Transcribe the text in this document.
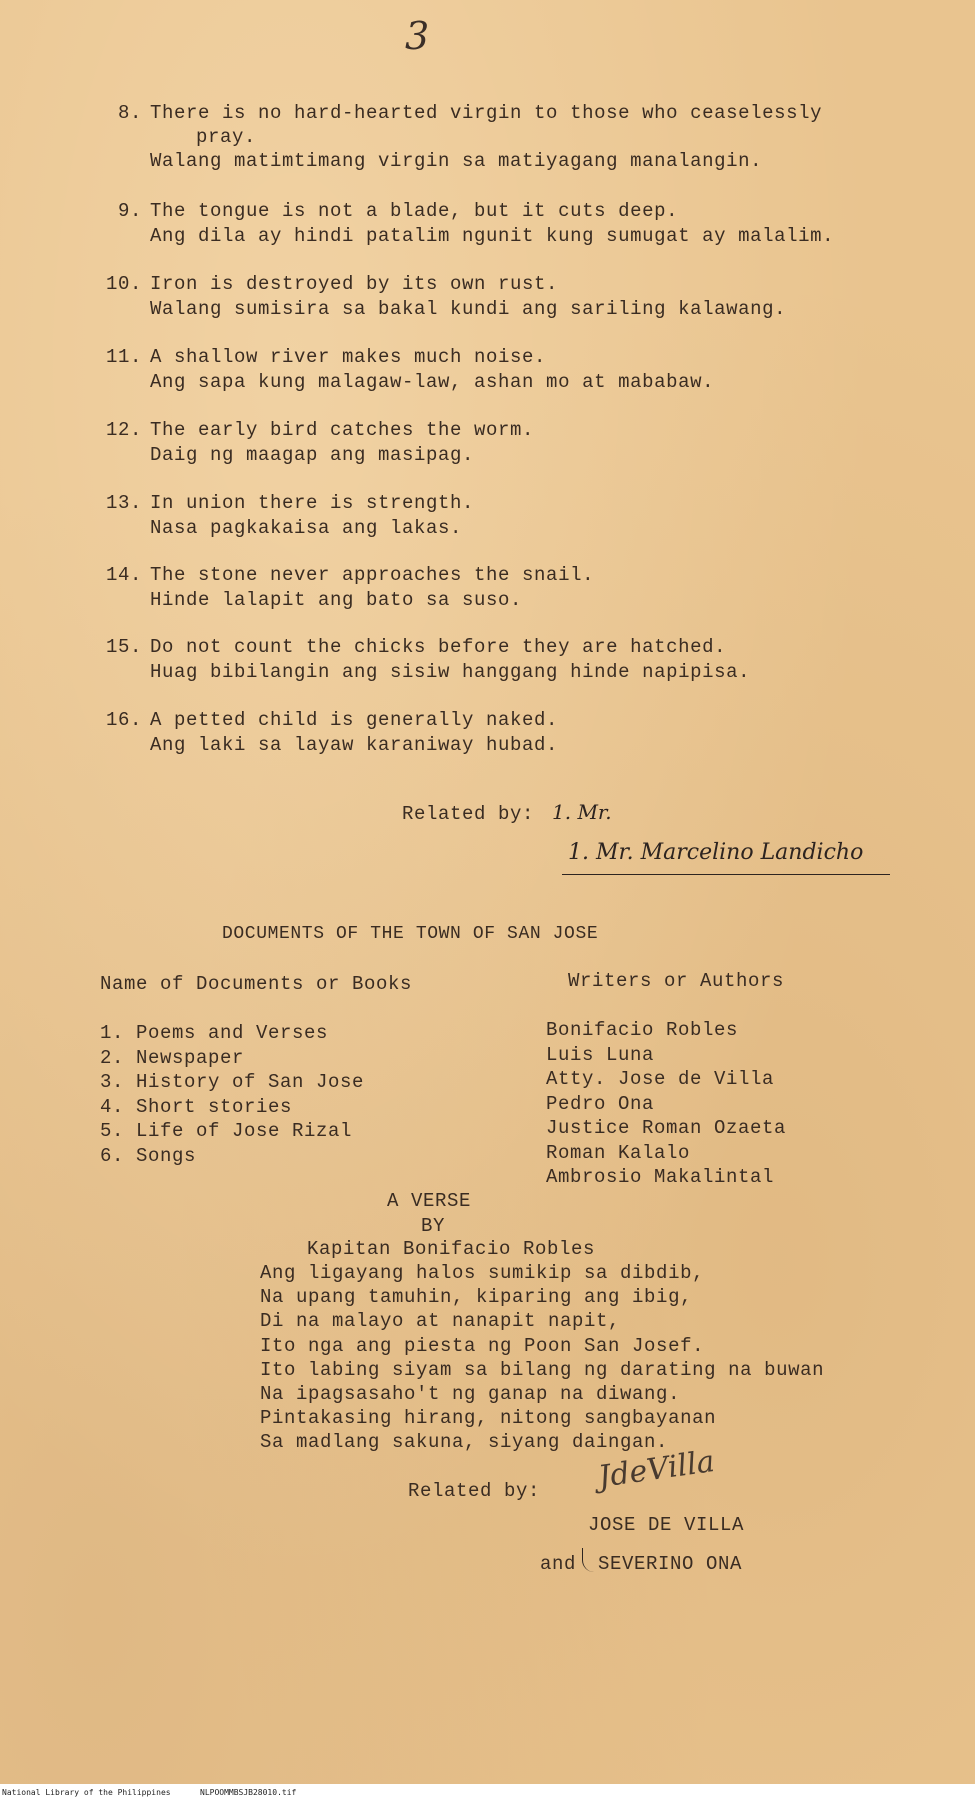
3
8. There is no hard-hearted virgin to those who ceaselessly
pray.
Walang matimtimang virgin sa matiyagang manalangin.
9. The tongue is not a blade, but it cuts deep.
Ang dila ay hindi patalim ngunit kung sumugat ay malalim.
10. Iron is destroyed by its own rust.
Walang sumisira sa bakal kundi ang sariling kalawang.
11. A shallow river makes much noise.
Ang sapa kung malagaw-law, ashan mo at mababaw.
12. The early bird catches the worm.
Daig ng maagap ang masipag.
13. In union there is strength.
Nasa pagkakaisa ang lakas.
14. The stone never approaches the snail.
Hinde lalapit ang bato sa suso.
15. Do not count the chicks before they are hatched.
Huag bibilangin ang sisiw hanggang hinde napipisa.
16. A petted child is generally naked.
Ang laki sa layaw karaniway hubad.
Related by: 1. Mr.
1. Mr. Marcelino Landicho
DOCUMENTS OF THE TOWN OF SAN JOSE
Name of Documents or Books	Writers or Authors
1. Poems and Verses
2. Newspaper
3. History of San Jose
4. Short stories
5. Life of Jose Rizal
6. Songs
Bonifacio Robles
Luis Luna
Atty. Jose de Villa
Pedro Ona
Justice Roman Ozaeta
Roman Kalalo
Ambrosio Makalintal
A VERSE
BY
Kapitan Bonifacio Robles
Ang ligayang halos sumikip sa dibdib,
Na upang tamuhin, kiparing ang ibig,
Di na malayo at nanapit napit,
Ito nga ang piesta ng Poon San Josef.
Ito labing siyam sa bilang ng darating na buwan
Na ipagsasaho't ng ganap na diwang.
Pintakasing hirang, nitong sangbayanan
Sa madlang sakuna, siyang daingan.
Related by: JdeVilla
JOSE DE VILLA
and SEVERINO ONA
National Library of the Philippines	NLPOOMMBSJB28010.tif
